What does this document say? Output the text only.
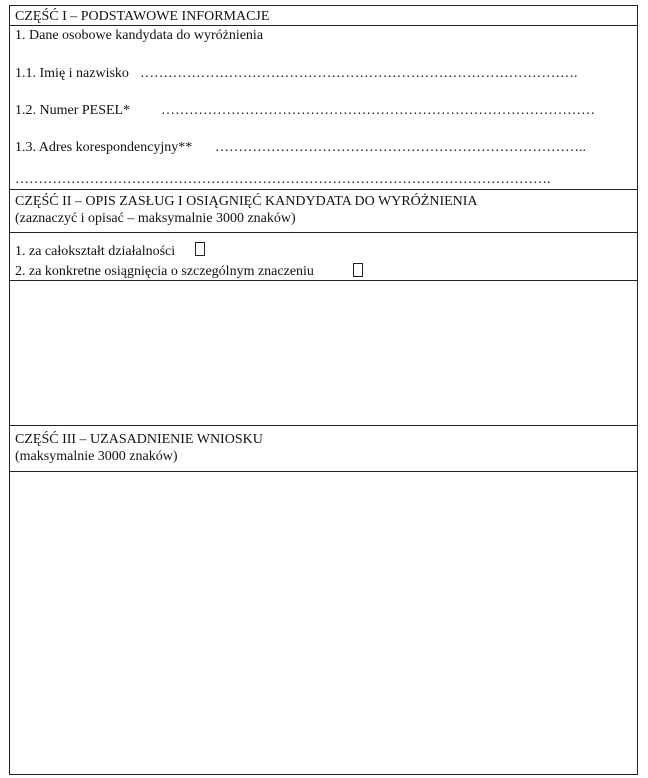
CZĘŚĆ I – PODSTAWOWE INFORMACJE
1. Dane osobowe kandydata do wyróżnienia
1.1. Imię i nazwisko ………………………………………………………………………………….
1.2. Numer PESEL* …………………………………………………………………………………
1.3. Adres korespondencyjny** ……………………………………………………………………..
…………………………………………………………………………………………………….
CZĘŚĆ II – OPIS ZASŁUG I OSIĄGNIĘĆ KANDYDATA DO WYRÓŻNIENIA
(zaznaczyć i opisać – maksymalnie 3000 znaków)
1. za całokształt działalności
2. za konkretne osiągnięcia o szczególnym znaczeniu
CZĘŚĆ III – UZASADNIENIE WNIOSKU
(maksymalnie 3000 znaków)
